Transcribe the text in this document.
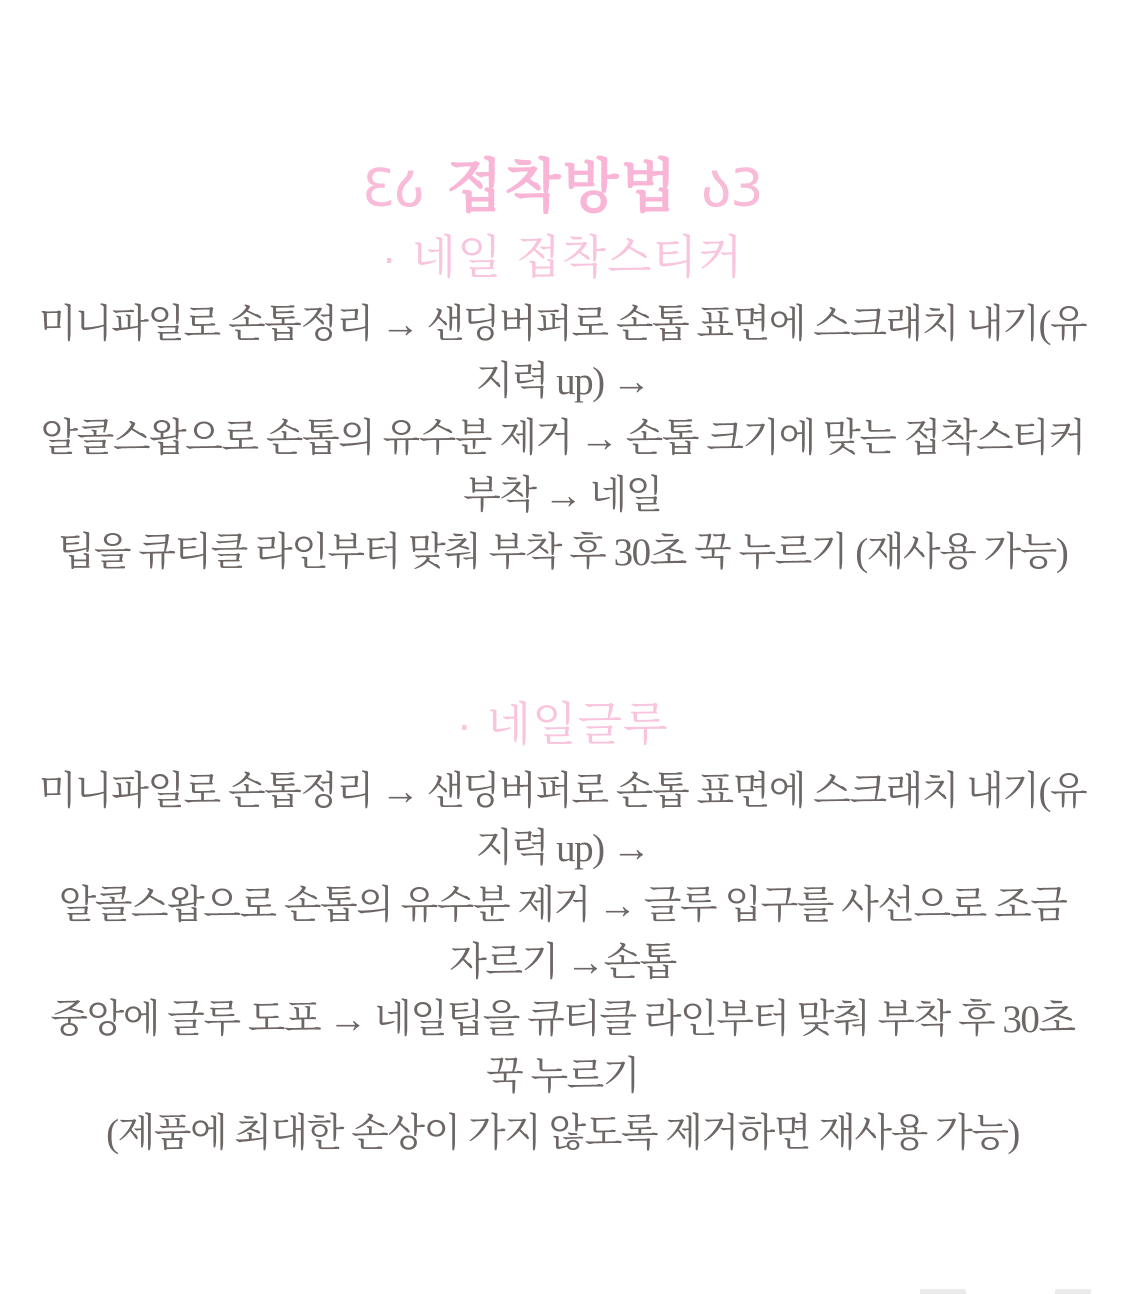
Ɛა 접착방법	Ɛა
· 네일 접착스티커
미니파일로 손톱정리 → 샌딩버퍼로 손톱 표면에 스크래치 내기(유
지력 up) →
알콜스왑으로 손톱의 유수분 제거 → 손톱 크기에 맞는 접착스티커
부착 → 네일
팁을 큐티클 라인부터 맞춰 부착 후 30초 꾹 누르기 (재사용 가능)
· 네일글루
미니파일로 손톱정리 → 샌딩버퍼로 손톱 표면에 스크래치 내기(유
지력 up) →
알콜스왑으로 손톱의 유수분 제거 → 글루 입구를 사선으로 조금
자르기 →손톱
중앙에 글루 도포 → 네일팁을 큐티클 라인부터 맞춰 부착 후 30초
꾹 누르기
(제품에 최대한 손상이 가지 않도록 제거하면 재사용 가능)
